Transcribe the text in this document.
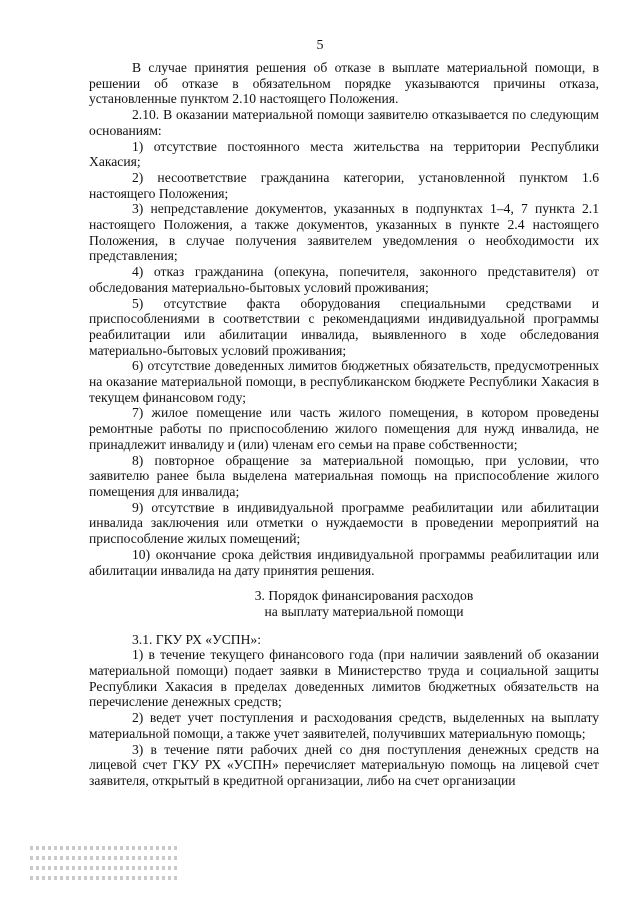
5

В случае принятия решения об отказе в выплате материальной помощи, в решении об отказе в обязательном порядке указываются причины отказа, установленные пунктом 2.10 настоящего Положения.

2.10. В оказании материальной помощи заявителю отказывается по следующим основаниям:

1) отсутствие постоянного места жительства на территории Республики Хакасия;

2) несоответствие гражданина категории, установленной пунктом 1.6 настоящего Положения;

3) непредставление документов, указанных в подпунктах 1–4, 7 пункта 2.1 настоящего Положения, а также документов, указанных в пункте 2.4 настоящего Положения, в случае получения заявителем уведомления о необходимости их представления;

4) отказ гражданина (опекуна, попечителя, законного представителя) от обследования материально-бытовых условий проживания;

5) отсутствие факта оборудования специальными средствами и приспособлениями в соответствии с рекомендациями индивидуальной программы реабилитации или абилитации инвалида, выявленного в ходе обследования материально-бытовых условий проживания;

6) отсутствие доведенных лимитов бюджетных обязательств, предусмотренных на оказание материальной помощи, в республиканском бюджете Республики Хакасия в текущем финансовом году;

7) жилое помещение или часть жилого помещения, в котором проведены ремонтные работы по приспособлению жилого помещения для нужд инвалида, не принадлежит инвалиду и (или) членам его семьи на праве собственности;

8) повторное обращение за материальной помощью, при условии, что заявителю ранее была выделена материальная помощь на приспособление жилого помещения для инвалида;

9) отсутствие в индивидуальной программе реабилитации или абилитации инвалида заключения или отметки о нуждаемости в проведении мероприятий на приспособление жилых помещений;

10) окончание срока действия индивидуальной программы реабилитации или абилитации инвалида на дату принятия решения.

3. Порядок финансирования расходов
на выплату материальной помощи

3.1. ГКУ РХ «УСПН»:

1) в течение текущего финансового года (при наличии заявлений об оказании материальной помощи) подает заявки в Министерство труда и социальной защиты Республики Хакасия в пределах доведенных лимитов бюджетных обязательств на перечисление денежных средств;

2) ведет учет поступления и расходования средств, выделенных на выплату материальной помощи, а также учет заявителей, получивших материальную помощь;

3) в течение пяти рабочих дней со дня поступления денежных средств на лицевой счет ГКУ РХ «УСПН» перечисляет материальную помощь на лицевой счет заявителя, открытый в кредитной организации, либо на счет организации
